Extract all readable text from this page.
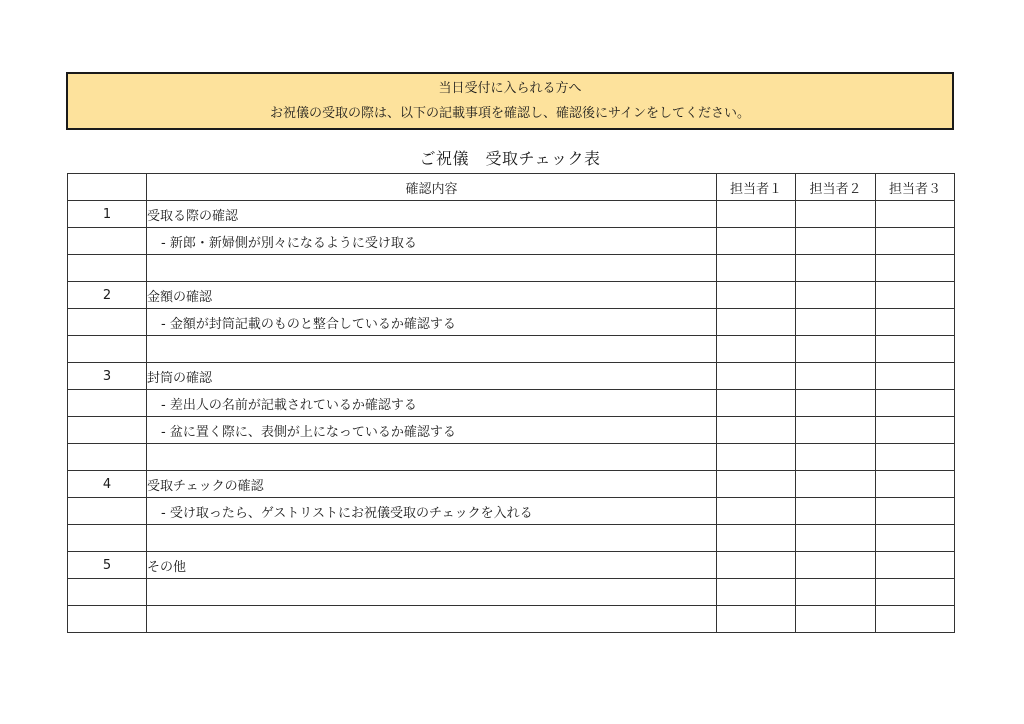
当日受付に入られる方へ
お祝儀の受取の際は、以下の記載事項を確認し、確認後にサインをしてください。
ご祝儀　受取チェック表
	確認内容	担当者１	担当者２	担当者３
1	受取る際の確認			
	- 新郎・新婦側が別々になるように受け取る			

2	金額の確認			
	- 金額が封筒記載のものと整合しているか確認する			

3	封筒の確認			
	- 差出人の名前が記載されているか確認する			
	- 盆に置く際に、表側が上になっているか確認する			

4	受取チェックの確認			
	- 受け取ったら、ゲストリストにお祝儀受取のチェックを入れる			

5	その他			
